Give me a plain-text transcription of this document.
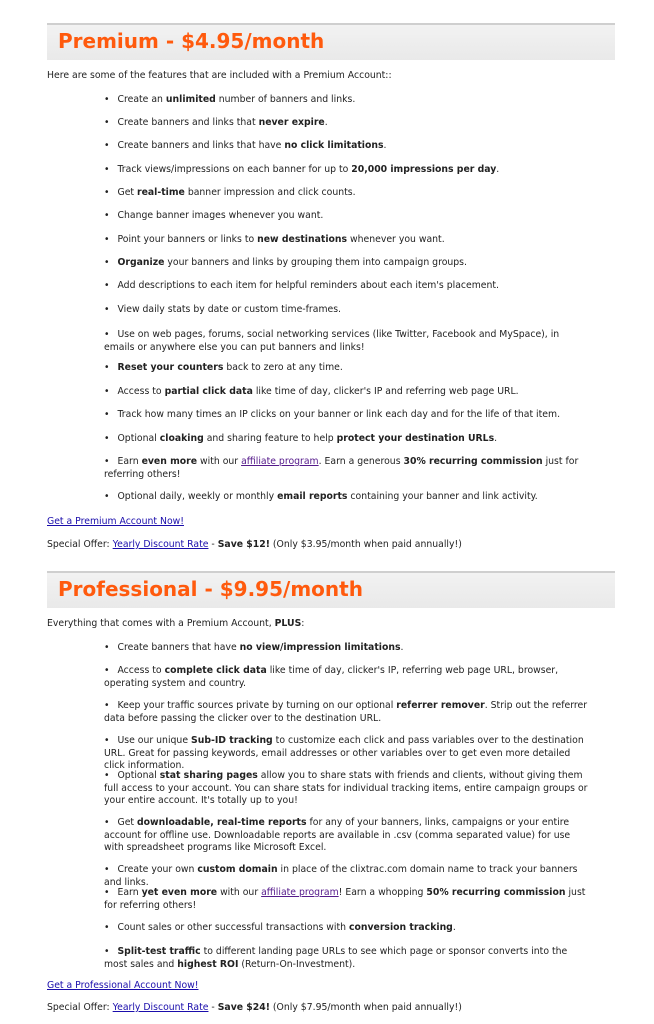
Premium - $4.95/month
Here are some of the features that are included with a Premium Account::
• Create an unlimited number of banners and links.
• Create banners and links that never expire.
• Create banners and links that have no click limitations.
• Track views/impressions on each banner for up to 20,000 impressions per day.
• Get real-time banner impression and click counts.
• Change banner images whenever you want.
• Point your banners or links to new destinations whenever you want.
• Organize your banners and links by grouping them into campaign groups.
• Add descriptions to each item for helpful reminders about each item's placement.
• View daily stats by date or custom time-frames.
• Use on web pages, forums, social networking services (like Twitter, Facebook and MySpace), in emails or anywhere else you can put banners and links!
• Reset your counters back to zero at any time.
• Access to partial click data like time of day, clicker's IP and referring web page URL.
• Track how many times an IP clicks on your banner or link each day and for the life of that item.
• Optional cloaking and sharing feature to help protect your destination URLs.
• Earn even more with our affiliate program. Earn a generous 30% recurring commission just for referring others!
• Optional daily, weekly or monthly email reports containing your banner and link activity.
Get a Premium Account Now!
Special Offer: Yearly Discount Rate - Save $12! (Only $3.95/month when paid annually!)
Professional - $9.95/month
Everything that comes with a Premium Account, PLUS:
• Create banners that have no view/impression limitations.
• Access to complete click data like time of day, clicker's IP, referring web page URL, browser, operating system and country.
• Keep your traffic sources private by turning on our optional referrer remover. Strip out the referrer data before passing the clicker over to the destination URL.
• Use our unique Sub-ID tracking to customize each click and pass variables over to the destination URL. Great for passing keywords, email addresses or other variables over to get even more detailed click information.
• Optional stat sharing pages allow you to share stats with friends and clients, without giving them full access to your account. You can share stats for individual tracking items, entire campaign groups or your entire account. It's totally up to you!
• Get downloadable, real-time reports for any of your banners, links, campaigns or your entire account for offline use. Downloadable reports are available in .csv (comma separated value) for use with spreadsheet programs like Microsoft Excel.
• Create your own custom domain in place of the clixtrac.com domain name to track your banners and links.
• Earn yet even more with our affiliate program! Earn a whopping 50% recurring commission just for referring others!
• Count sales or other successful transactions with conversion tracking.
• Split-test traffic to different landing page URLs to see which page or sponsor converts into the most sales and highest ROI (Return-On-Investment).
Get a Professional Account Now!
Special Offer: Yearly Discount Rate - Save $24! (Only $7.95/month when paid annually!)
